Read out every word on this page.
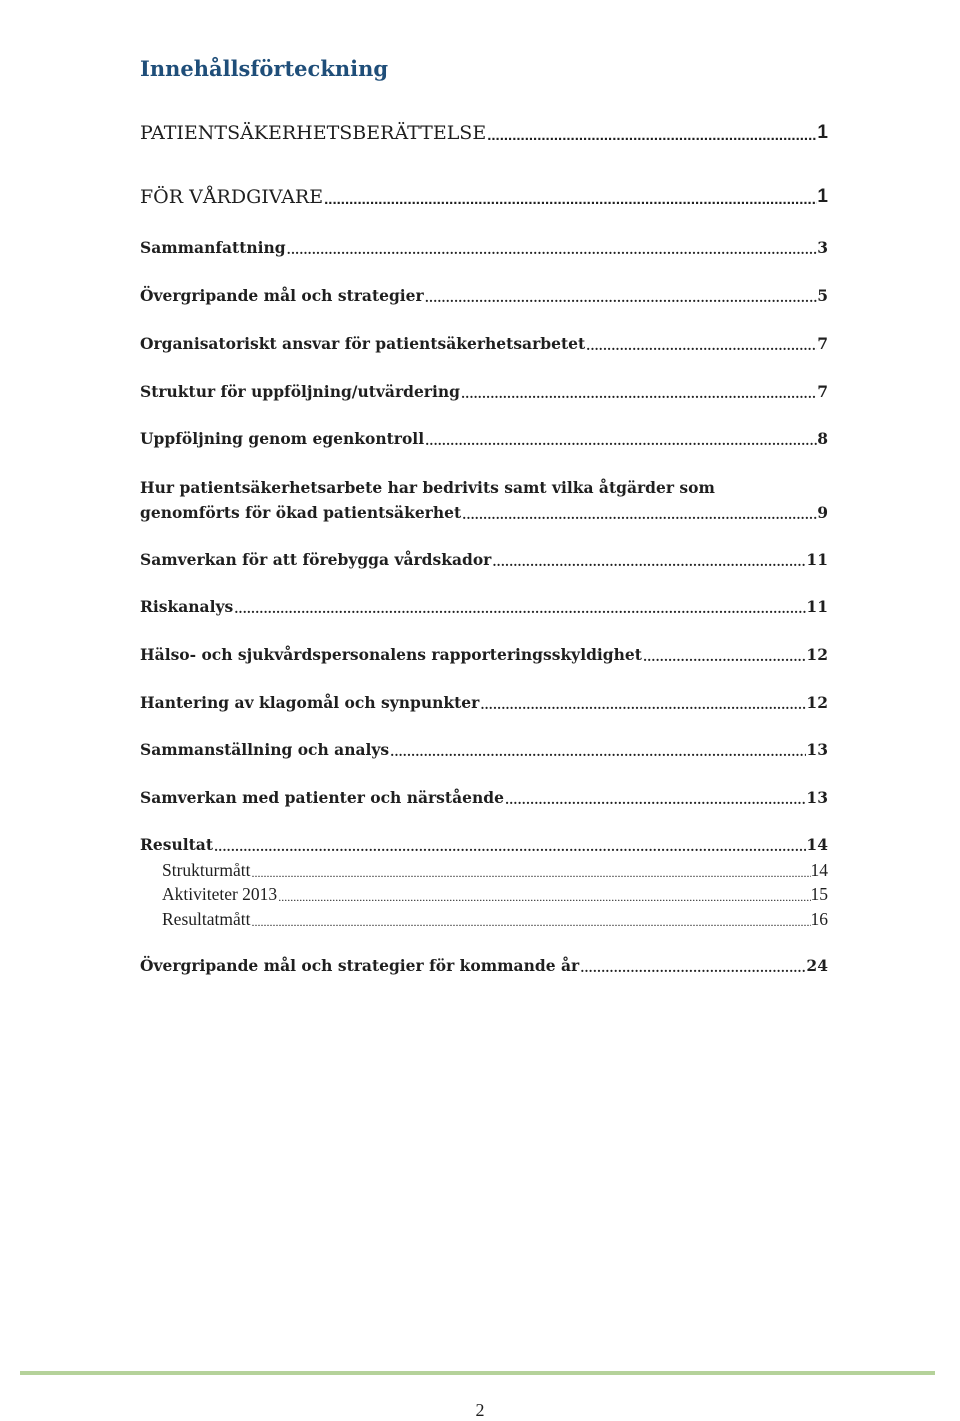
Innehållsförteckning
PATIENTSÄKERHETSBERÄTTELSE .....	1
FÖR VÅRDGIVARE .....	1
Sammanfattning .....	3
Övergripande mål och strategier .....	5
Organisatoriskt ansvar för patientsäkerhetsarbetet .....	7
Struktur för uppföljning/utvärdering .....	7
Uppföljning genom egenkontroll .....	8
Hur patientsäkerhetsarbete har bedrivits samt vilka åtgärder som
genomförts för ökad patientsäkerhet .....	9
Samverkan för att förebygga vårdskador .....	11
Riskanalys .....	11
Hälso- och sjukvårdspersonalens rapporteringsskyldighet .....	12
Hantering av klagomål och synpunkter .....	12
Sammanställning och analys .....	13
Samverkan med patienter och närstående .....	13
Resultat .....	14
Strukturmått .....	14
Aktiviteter 2013 .....	15
Resultatmått .....	16
Övergripande mål och strategier för kommande år .....	24
2
